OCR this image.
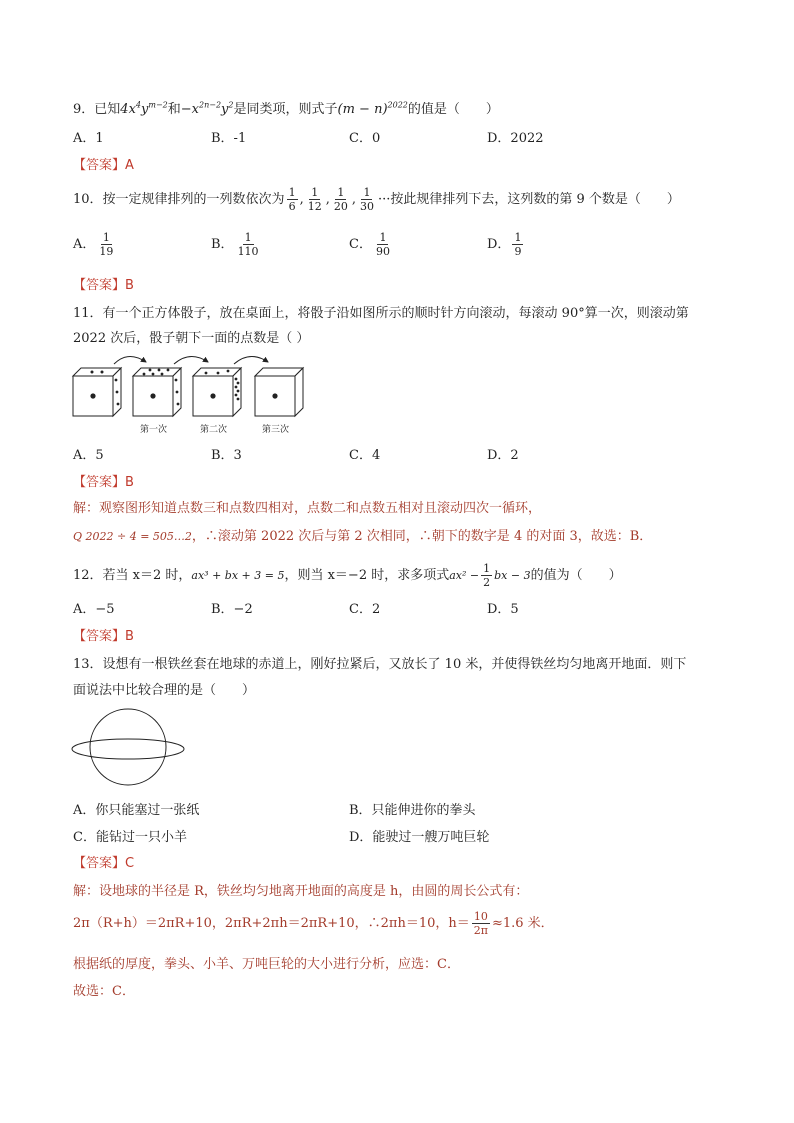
9．已知$4x^4y^{m-2}$和$-x^{2n-2}y^2$是同类项，则式子$(m - n)^{2022}$的值是（　　）
A．1	B．-1	C．0	D．2022
【答案】A
10．按一定规律排列的一列数依次为 $\frac{1}{6}$ , $\frac{1}{12}$ , $\frac{1}{20}$ , $\frac{1}{30}$ ···按此规律排列下去，这列数的第 9 个数是（　　）
A． $\frac{1}{19}$	B． $\frac{1}{110}$	C． $\frac{1}{90}$	D． $\frac{1}{9}$
【答案】B
11．有一个正方体骰子，放在桌面上，将骰子沿如图所示的顺时针方向滚动，每滚动 90°算一次，则滚动第
2022 次后，骰子朝下一面的点数是（ ）
第一次	第二次	第三次
A．5	B．3	C．4	D．2
【答案】B
解：观察图形知道点数三和点数四相对，点数二和点数五相对且滚动四次一循环，
Q 2022 ÷ 4 = 505…2，∴滚动第 2022 次后与第 2 次相同，∴朝下的数字是 4 的对面 3，故选：B．
12．若当 x＝2 时，ax³ + bx + 3 = 5，则当 x＝−2 时，求多项式$ax^2 - \frac{1}{2}$ bx − 3的值为（　　）
A．−5	B．−2	C．2	D．5
【答案】B
13．设想有一根铁丝套在地球的赤道上，刚好拉紧后，又放长了 10 米，并使得铁丝均匀地离开地面．则下
面说法中比较合理的是（　　）
A．你只能塞过一张纸	B．只能伸进你的拳头
C．能钻过一只小羊	D．能驶过一艘万吨巨轮
【答案】C
解：设地球的半径是 R，铁丝均匀地离开地面的高度是 h，由圆的周长公式有：
2π（R+h）＝2πR+10，2πR+2πh＝2πR+10，∴2πh＝10，$h= \frac{10}{2\pi} \approx 1.6$ 米．
根据纸的厚度，拳头、小羊、万吨巨轮的大小进行分析，应选：C．
故选：C．
